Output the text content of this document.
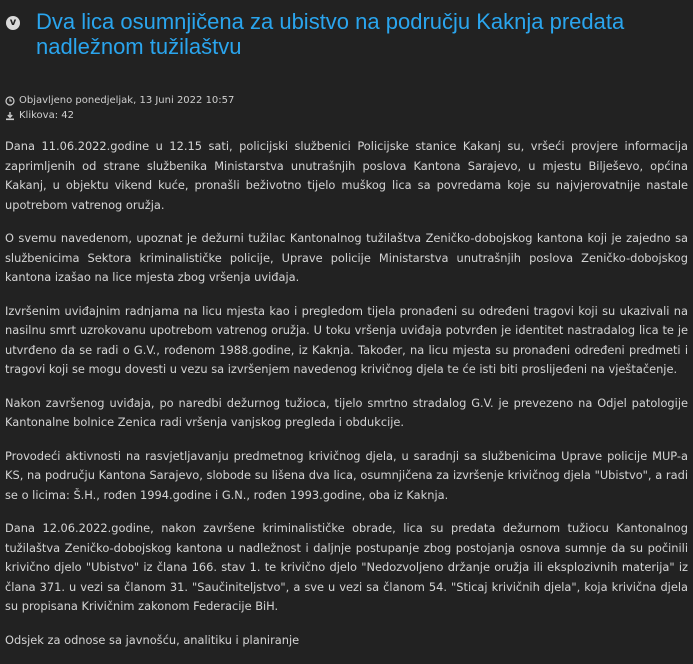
v Dva lica osumnjičena za ubistvo na području Kaknja predata nadležnom tužilaštvu
Objavljeno ponedjeljak, 13 Juni 2022 10:57
Klikova: 42

Dana 11.06.2022.godine u 12.15 sati, policijski službenici Policijske stanice Kakanj su, vršeći provjere informacija zaprimljenih od strane službenika Ministarstva unutrašnjih poslova Kantona Sarajevo, u mjestu Bilješevo, općina Kakanj, u objektu vikend kuće, pronašli beživotno tijelo muškog lica sa povredama koje su najvjerovatnije nastale upotrebom vatrenog oružja.

O svemu navedenom, upoznat je dežurni tužilac Kantonalnog tužilaštva Zeničko-dobojskog kantona koji je zajedno sa službenicima Sektora kriminalističke policije, Uprave policije Ministarstva unutrašnjih poslova Zeničko-dobojskog kantona izašao na lice mjesta zbog vršenja uviđaja.

Izvršenim uviđajnim radnjama na licu mjesta kao i pregledom tijela pronađeni su određeni tragovi koji su ukazivali na nasilnu smrt uzrokovanu upotrebom vatrenog oružja. U toku vršenja uviđaja potvrđen je identitet nastradalog lica te je utvrđeno da se radi o G.V., rođenom 1988.godine, iz Kaknja. Također, na licu mjesta su pronađeni određeni predmeti i tragovi koji se mogu dovesti u vezu sa izvršenjem navedenog krivičnog djela te će isti biti proslijeđeni na vještačenje.

Nakon završenog uviđaja, po naredbi dežurnog tužioca, tijelo smrtno stradalog G.V. je prevezeno na Odjel patologije Kantonalne bolnice Zenica radi vršenja vanjskog pregleda i obdukcije.

Provodeći aktivnosti na rasvjetljavanju predmetnog krivičnog djela, u saradnji sa službenicima Uprave policije MUP-a KS, na području Kantona Sarajevo, slobode su lišena dva lica, osumnjičena za izvršenje krivičnog djela "Ubistvo", a radi se o licima: Š.H., rođen 1994.godine i G.N., rođen 1993.godine, oba iz Kaknja.

Dana 12.06.2022.godine, nakon završene kriminalističke obrade, lica su predata dežurnom tužiocu Kantonalnog tužilaštva Zeničko-dobojskog kantona u nadležnost i daljnje postupanje zbog postojanja osnova sumnje da su počinili krivično djelo "Ubistvo" iz člana 166. stav 1. te krivično djelo "Nedozvoljeno držanje oružja ili eksplozivnih materija" iz člana 371. u vezi sa članom 31. "Saučiniteljstvo", a sve u vezi sa članom 54. "Sticaj krivičnih djela", koja krivična djela su propisana Krivičnim zakonom Federacije BiH.

Odsjek za odnose sa javnošću, analitiku i planiranje
